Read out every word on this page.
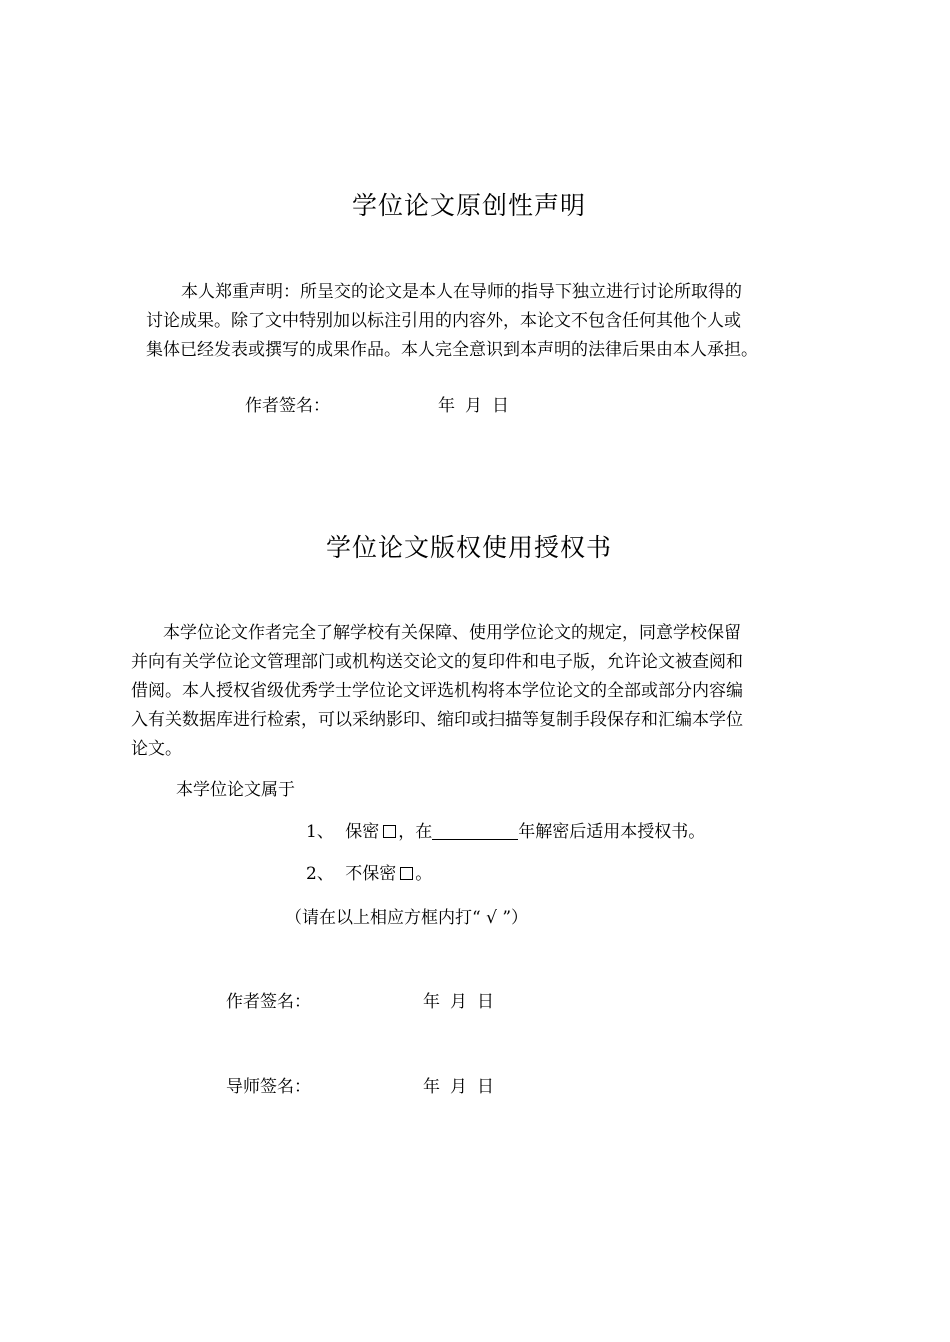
学位论文原创性声明
本人郑重声明：所呈交的论文是本人在导师的指导下独立进行讨论所取得的
讨论成果。除了文中特别加以标注引用的内容外，本论文不包含任何其他个人或
集体已经发表或撰写的成果作品。本人完全意识到本声明的法律后果由本人承担。
作者签名：	年 月 日
学位论文版权使用授权书
本学位论文作者完全了解学校有关保障、使用学位论文的规定，同意学校保留
并向有关学位论文管理部门或机构送交论文的复印件和电子版，允许论文被查阅和
借阅。本人授权省级优秀学士学位论文评选机构将本学位论文的全部或部分内容编
入有关数据库进行检索，可以采纳影印、缩印或扫描等复制手段保存和汇编本学位
论文。
本学位论文属于
1、 保密 ，在	年解密后适用本授权书。
2、 不保密 。
（请在以上相应方框内打“ √ ”）
作者签名：	年 月 日
导师签名：	年 月 日
